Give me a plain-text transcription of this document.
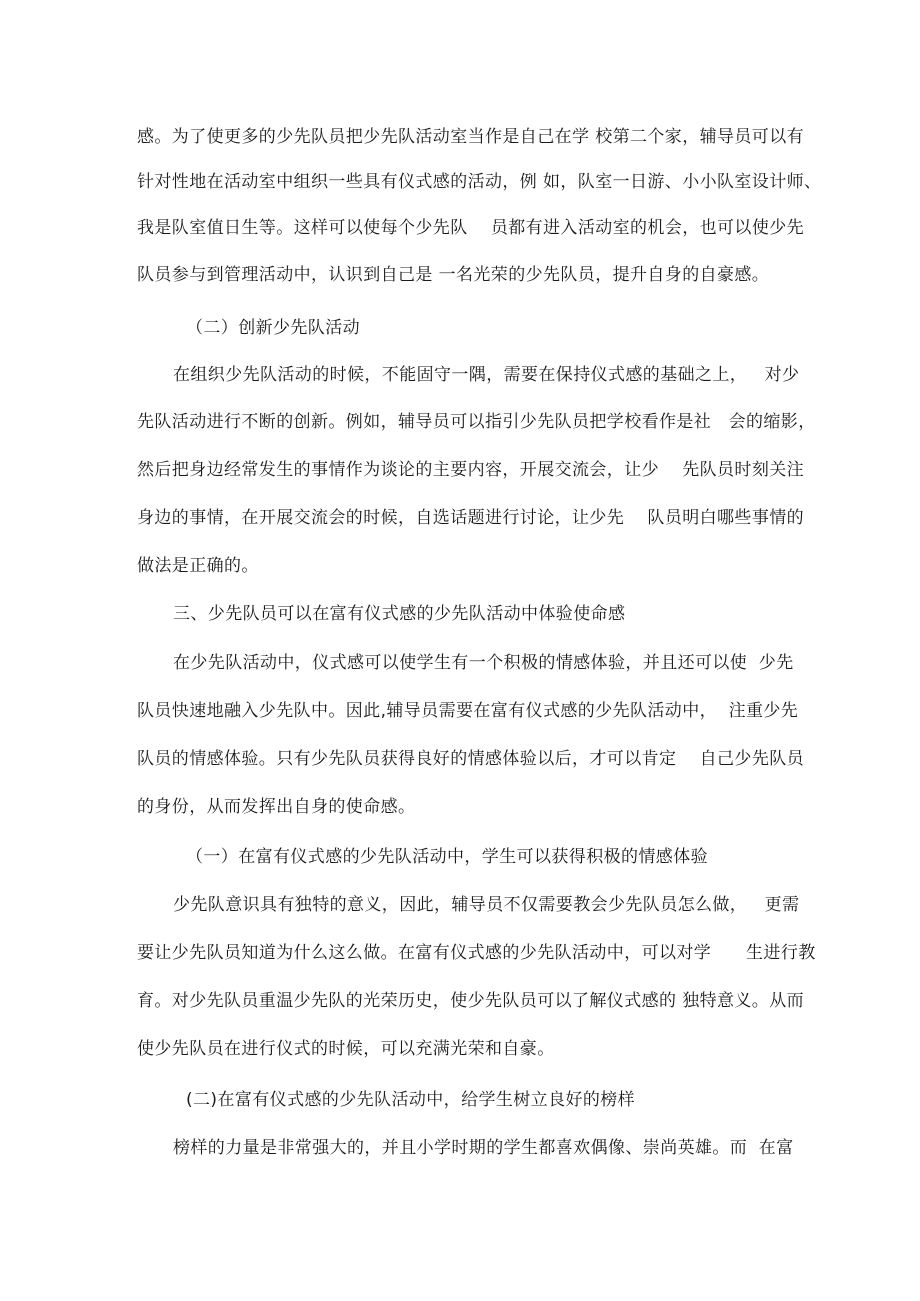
感。为了使更多的少先队员把少先队活动室当作是自己在学 校第二个家，辅导员可以有
针对性地在活动室中组织一些具有仪式感的活动，例 如，队室一日游、小小队室设计师、
我是队室值日生等。这样可以使每个少先队    员都有进入活动室的机会，也可以使少先
队员参与到管理活动中，认识到自己是 一名光荣的少先队员，提升自身的自豪感。
（二）创新少先队活动
在组织少先队活动的时候，不能固守一隅，需要在保持仪式感的基础之上，   对少
先队活动进行不断的创新。例如，辅导员可以指引少先队员把学校看作是社   会的缩影，
然后把身边经常发生的事情作为谈论的主要内容，开展交流会，让少    先队员时刻关注
身边的事情，在开展交流会的时候，自选话题进行讨论，让少先    队员明白哪些事情的
做法是正确的。
三、少先队员可以在富有仪式感的少先队活动中体验使命感
在少先队活动中，仪式感可以使学生有一个积极的情感体验，并且还可以使  少先
队员快速地融入少先队中。因此,辅导员需要在富有仪式感的少先队活动中，  注重少先
队员的情感体验。只有少先队员获得良好的情感体验以后，才可以肯定    自己少先队员
的身份，从而发挥出自身的使命感。
（一）在富有仪式感的少先队活动中，学生可以获得积极的情感体验
少先队意识具有独特的意义，因此，辅导员不仅需要教会少先队员怎么做，   更需
要让少先队员知道为什么这么做。在富有仪式感的少先队活动中，可以对学      生进行教
育。对少先队员重温少先队的光荣历史，使少先队员可以了解仪式感的 独特意义。从而
使少先队员在进行仪式的时候，可以充满光荣和自豪。
(二)在富有仪式感的少先队活动中，给学生树立良好的榜样
榜样的力量是非常强大的，并且小学时期的学生都喜欢偶像、崇尚英雄。而  在富
